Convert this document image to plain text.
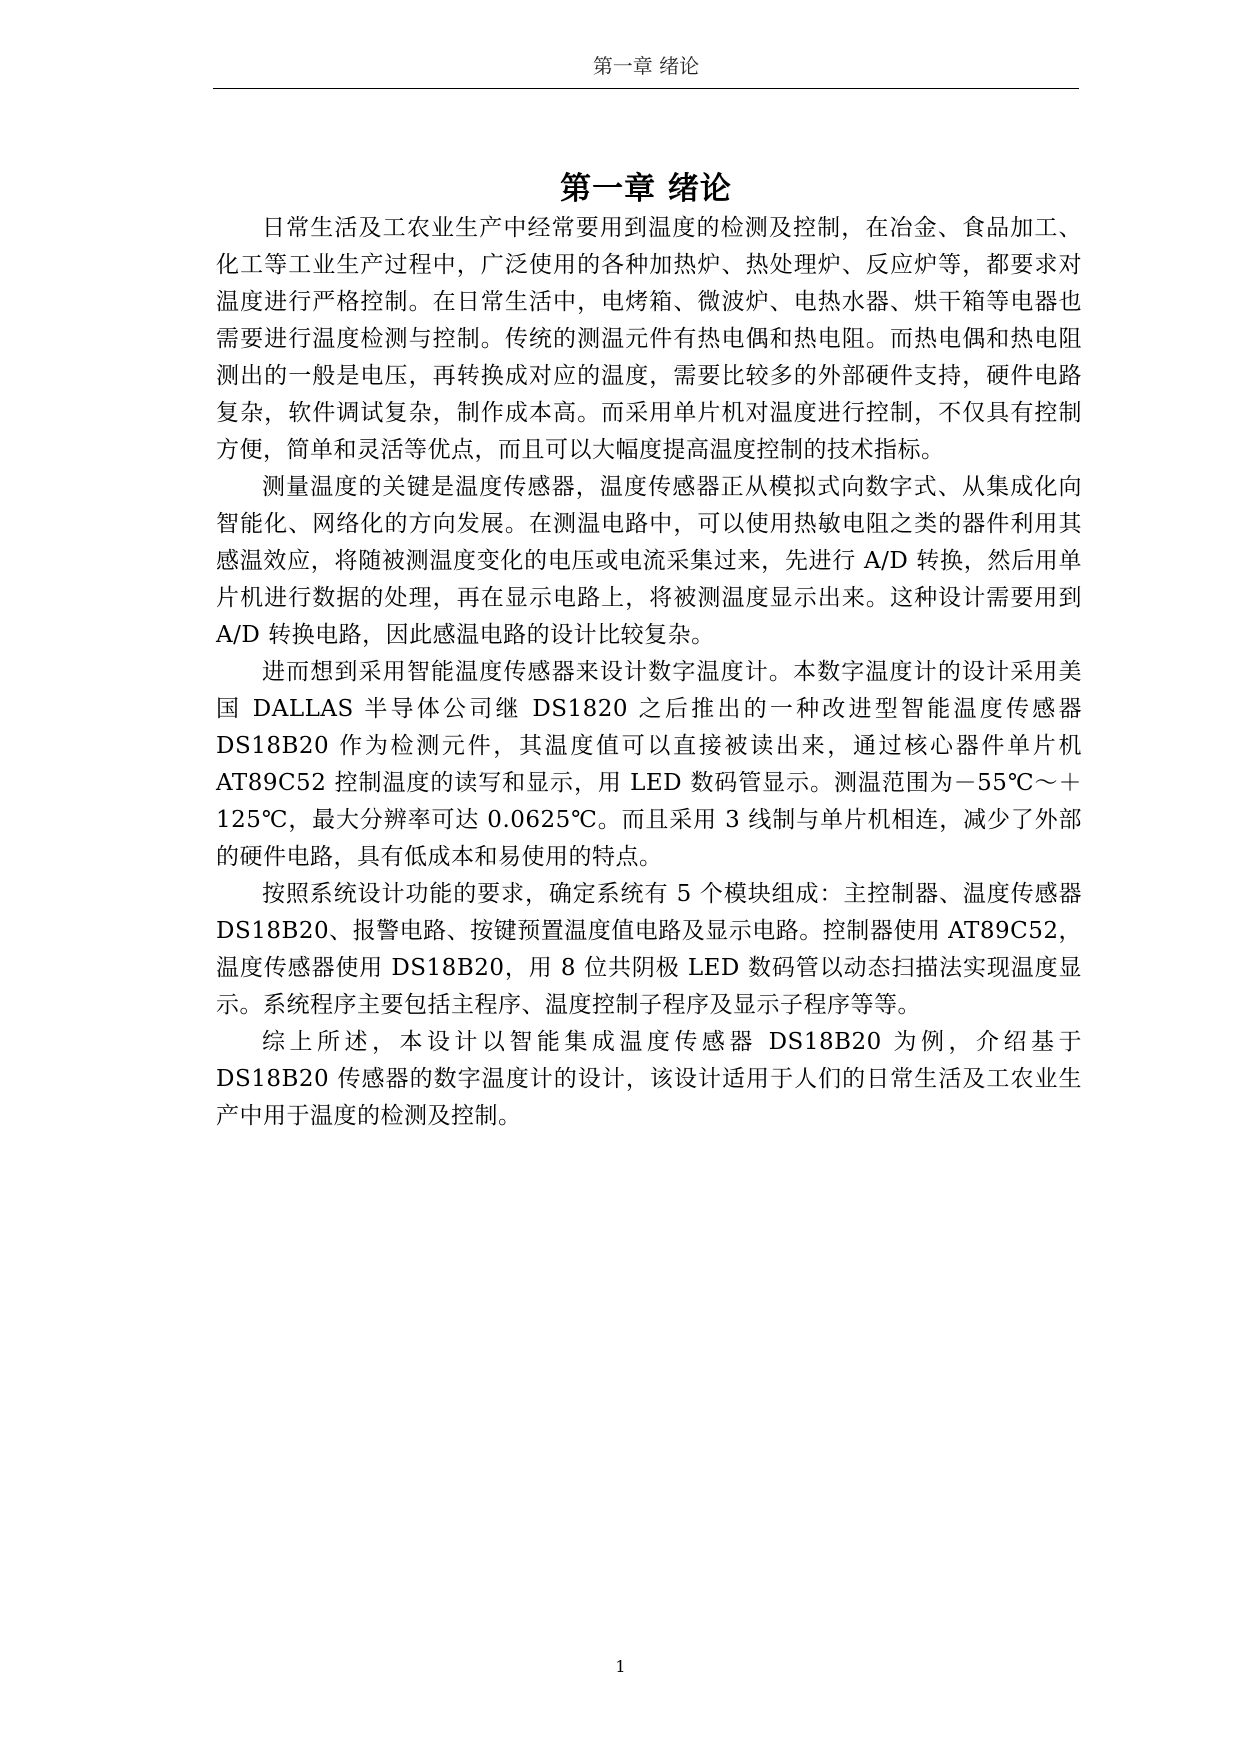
第一章 绪论
第一章 绪论

日常生活及工农业生产中经常要用到温度的检测及控制，在冶金、食品加工、化工等工业生产过程中，广泛使用的各种加热炉、热处理炉、反应炉等，都要求对温度进行严格控制。在日常生活中，电烤箱、微波炉、电热水器、烘干箱等电器也需要进行温度检测与控制。传统的测温元件有热电偶和热电阻。而热电偶和热电阻测出的一般是电压，再转换成对应的温度，需要比较多的外部硬件支持，硬件电路复杂，软件调试复杂，制作成本高。而采用单片机对温度进行控制，不仅具有控制方便，简单和灵活等优点，而且可以大幅度提高温度控制的技术指标。

测量温度的关键是温度传感器，温度传感器正从模拟式向数字式、从集成化向智能化、网络化的方向发展。在测温电路中，可以使用热敏电阻之类的器件利用其感温效应，将随被测温度变化的电压或电流采集过来，先进行 A/D 转换，然后用单片机进行数据的处理，再在显示电路上，将被测温度显示出来。这种设计需要用到 A/D 转换电路，因此感温电路的设计比较复杂。

进而想到采用智能温度传感器来设计数字温度计。本数字温度计的设计采用美国 DALLAS 半导体公司继 DS1820 之后推出的一种改进型智能温度传感器 DS18B20 作为检测元件，其温度值可以直接被读出来，通过核心器件单片机 AT89C52 控制温度的读写和显示，用 LED 数码管显示。测温范围为－55℃～＋125℃，最大分辨率可达 0.0625℃。而且采用 3 线制与单片机相连，减少了外部的硬件电路，具有低成本和易使用的特点。

按照系统设计功能的要求，确定系统有 5 个模块组成：主控制器、温度传感器 DS18B20、报警电路、按键预置温度值电路及显示电路。控制器使用 AT89C52，温度传感器使用 DS18B20，用 8 位共阴极 LED 数码管以动态扫描法实现温度显示。系统程序主要包括主程序、温度控制子程序及显示子程序等等。

综上所述，本设计以智能集成温度传感器 DS18B20 为例，介绍基于 DS18B20 传感器的数字温度计的设计，该设计适用于人们的日常生活及工农业生产中用于温度的检测及控制。

1
